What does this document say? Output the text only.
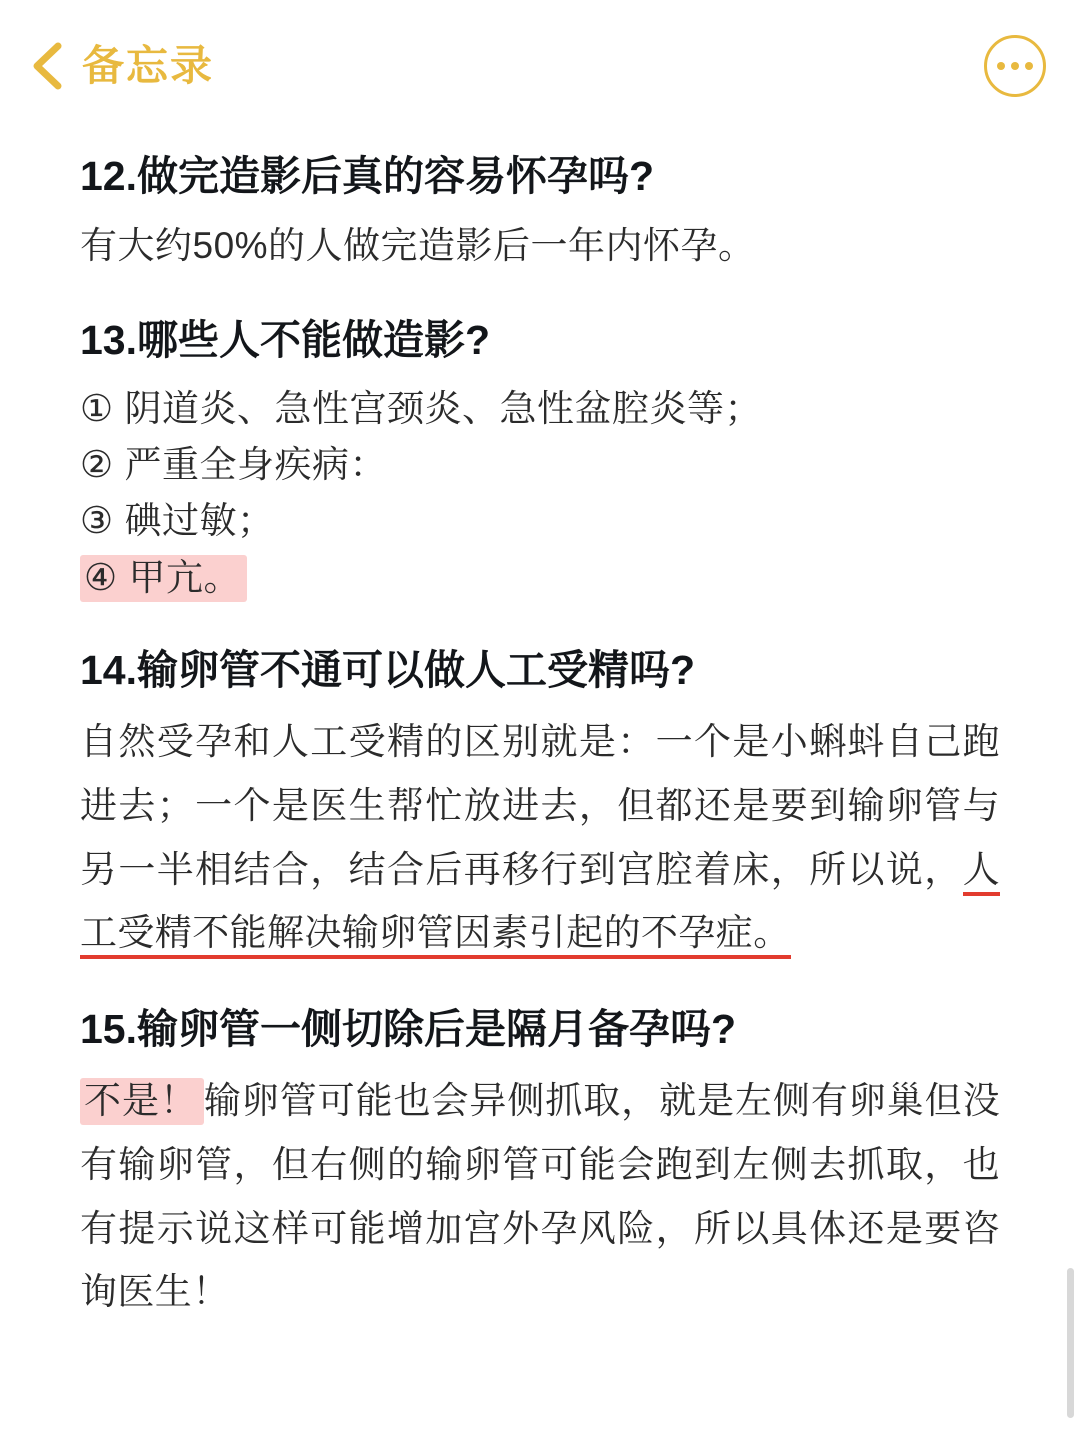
备忘录
12.做完造影后真的容易怀孕吗?

有大约50%的人做完造影后一年内怀孕。

13.哪些人不能做造影?

① 阴道炎、急性宫颈炎、急性盆腔炎等；

② 严重全身疾病：

③ 碘过敏；

④ 甲亢。

14.输卵管不通可以做人工受精吗?

自然受孕和人工受精的区别就是：一个是小蝌蚪自己跑进去；一个是医生帮忙放进去，但都还是要到输卵管与另一半相结合，结合后再移行到宫腔着床，所以说，人工受精不能解决输卵管因素引起的不孕症。

15.输卵管一侧切除后是隔月备孕吗?

不是！ 输卵管可能也会异侧抓取，就是左侧有卵巢但没有输卵管，但右侧的输卵管可能会跑到左侧去抓取，也有提示说这样可能增加宫外孕风险，所以具体还是要咨询医生！
